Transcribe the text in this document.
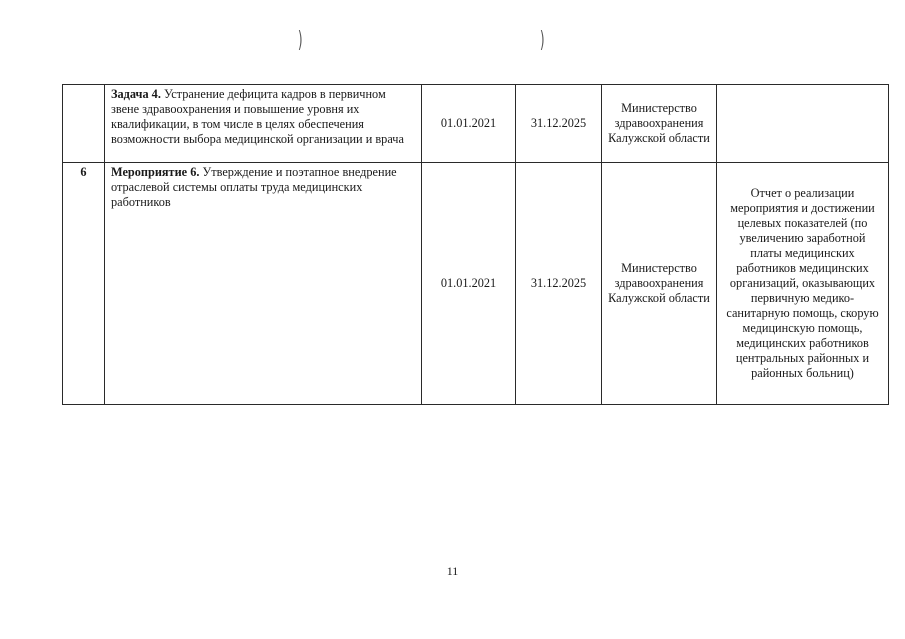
)	)
	Задача 4. Устранение дефицита кадров в первичном звене здравоохранения и повышение уровня их квалификации, в том числе в целях обеспечения возможности выбора медицинской организации и врача	01.01.2021	31.12.2025	Министерство здравоохранения Калужской области	
6	Мероприятие 6. Утверждение и поэтапное внедрение отраслевой системы оплаты труда медицинских работников	01.01.2021	31.12.2025	Министерство здравоохранения Калужской области	Отчет о реализации мероприятия и достижении целевых показателей (по увеличению заработной платы медицинских работников медицинских организаций, оказывающих первичную медико-санитарную помощь, скорую медицинскую помощь, медицинских работников центральных районных и районных больниц)
11
